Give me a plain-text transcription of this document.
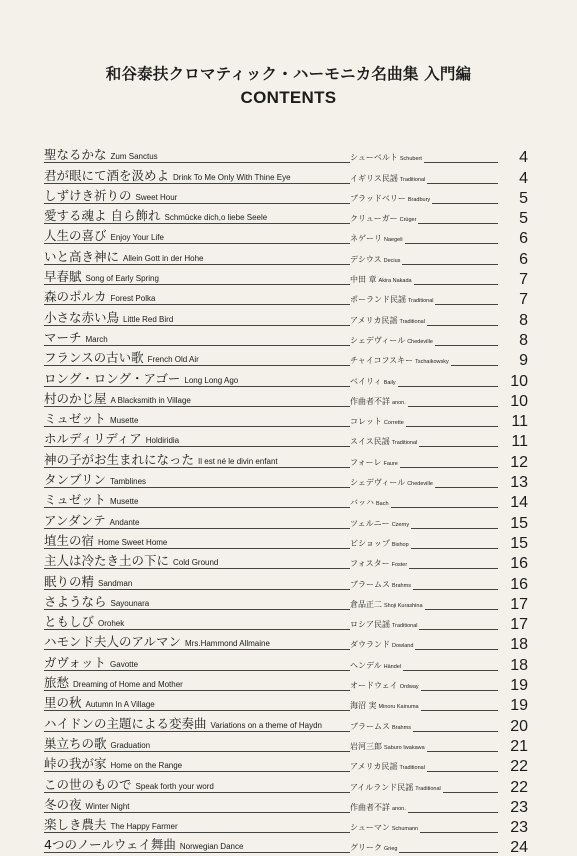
和谷泰扶クロマティック・ハーモニカ名曲集 入門編
CONTENTS
聖なるかな Zum Sanctus	シューベルト Schubert	4
君が眼にて酒を汲めよ Drink To Me Only With Thine Eye	イギリス民謡 Traditional	4
しずけき祈りの Sweet Hour	ブラッドベリー Bradbury	5
愛する魂よ 自ら飾れ Schmücke dich,o liebe Seele	クリューガー Crüger	5
人生の喜び Enjoy Your Life	ネゲーリ Naegeli	6
いと高き神に Allein Gott in der Hohe	デシウス Decius	6
早春賦 Song of Early Spring	中田 章 Akira Nakada	7
森のポルカ Forest Polka	ポーランド民謡 Traditional	7
小さな赤い鳥 Little Red Bird	アメリカ民謡 Traditional	8
マーチ March	シェデヴィール Chedeville	8
フランスの古い歌 French Old Air	チャイコフスキー Tschaikowsky	9
ロング・ロング・アゴー Long Long Ago	ベイリィ Baily	10
村のかじ屋 A Blacksmith in Village	作曲者不詳 anon.	10
ミュゼット Musette	コレット Corrette	11
ホルディリディア Holdiridia	スイス民謡 Traditional	11
神の子がお生まれになった Il est né le divin enfant	フォーレ Faure	12
タンブリン Tamblines	シェデヴィール Chedeville	13
ミュゼット Musette	バッハ Bach	14
アンダンテ Andante	ツェルニー Czerny	15
埴生の宿 Home Sweet Home	ビショップ Bishop	15
主人は冷たき土の下に Cold Ground	フォスター Foster	16
眠りの精 Sandman	ブラームス Brahms	16
さようなら Sayounara	倉品正二 Shoji Kurashina	17
ともしび Orohek	ロシア民謡 Traditional	17
ハモンド夫人のアルマン Mrs.Hammond Allmaine	ダウランド Dowland	18
ガヴォット Gavotte	ヘンデル Händel	18
旅愁 Dreaming of Home and Mother	オードウェイ Ordway	19
里の秋 Autumn In A Village	海沼 実 Minoru Kainuma	19
ハイドンの主題による変奏曲 Variations on a theme of Haydn	ブラームス Brahms	20
巣立ちの歌 Graduation	岩河三郎 Saburo Iwakawa	21
峠の我が家 Home on the Range	アメリカ民謡 Traditional	22
この世のもので Speak forth your word	アイルランド民謡 Traditional	22
冬の夜 Winter Night	作曲者不詳 anon.	23
楽しき農夫 The Happy Farmer	シューマン Schumann	23
4つのノールウェイ舞曲 Norwegian Dance	グリーク Grieg	24
